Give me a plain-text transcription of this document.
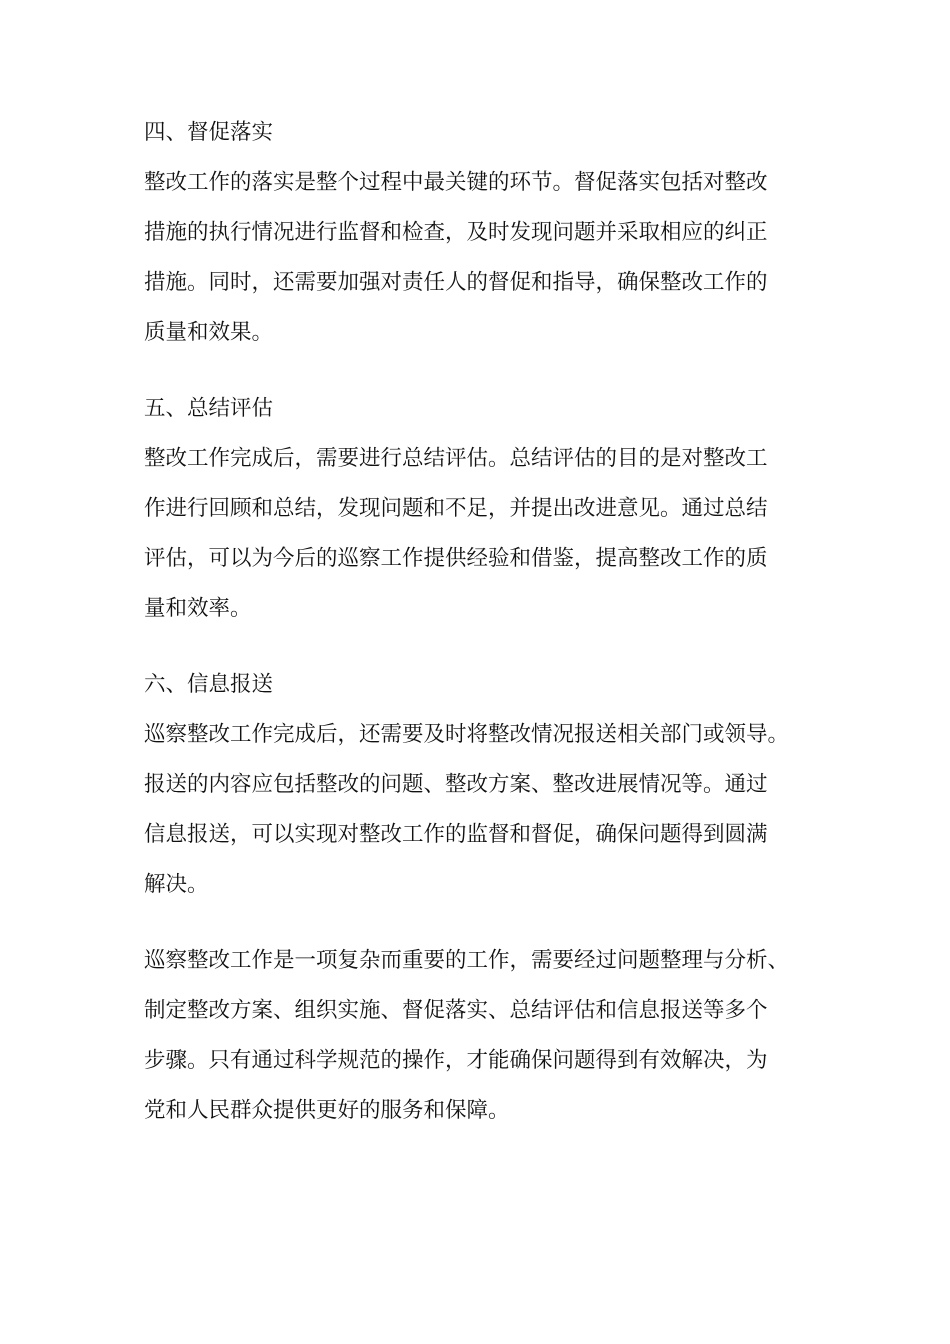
四、督促落实

整改工作的落实是整个过程中最关键的环节。督促落实包括对整改
措施的执行情况进行监督和检查，及时发现问题并采取相应的纠正
措施。同时，还需要加强对责任人的督促和指导，确保整改工作的
质量和效果。

五、总结评估

整改工作完成后，需要进行总结评估。总结评估的目的是对整改工
作进行回顾和总结，发现问题和不足，并提出改进意见。通过总结
评估，可以为今后的巡察工作提供经验和借鉴，提高整改工作的质
量和效率。

六、信息报送

巡察整改工作完成后，还需要及时将整改情况报送相关部门或领导。
报送的内容应包括整改的问题、整改方案、整改进展情况等。通过
信息报送，可以实现对整改工作的监督和督促，确保问题得到圆满
解决。

巡察整改工作是一项复杂而重要的工作，需要经过问题整理与分析、
制定整改方案、组织实施、督促落实、总结评估和信息报送等多个
步骤。只有通过科学规范的操作，才能确保问题得到有效解决，为
党和人民群众提供更好的服务和保障。
